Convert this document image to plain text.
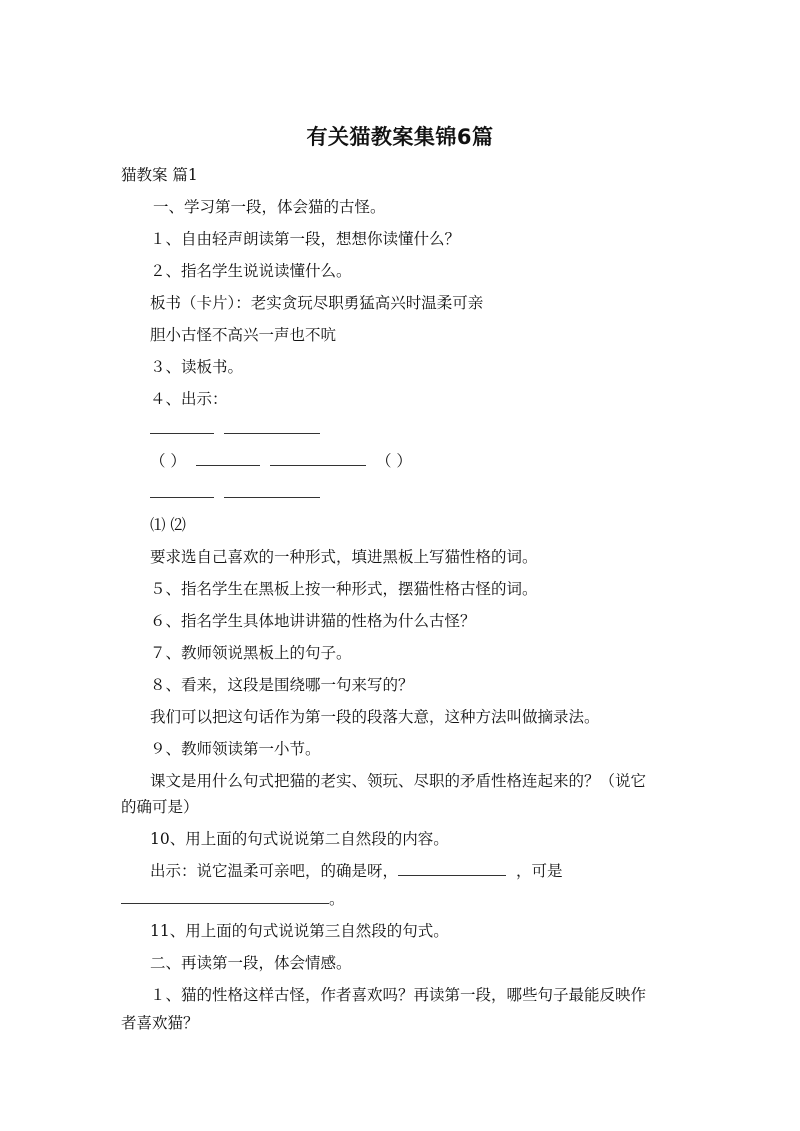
有关猫教案集锦6篇
猫教案 篇1
一、学习第一段，体会猫的古怪。
１、自由轻声朗读第一段，想想你读懂什么？
２、指名学生说说读懂什么。
板书（卡片）：老实贪玩尽职勇猛高兴时温柔可亲
胆小古怪不高兴一声也不吭
３、读板书。
４、出示：
（ ）	（ ）
⑴ ⑵
要求选自己喜欢的一种形式，填进黑板上写猫性格的词。
５、指名学生在黑板上按一种形式，摆猫性格古怪的词。
６、指名学生具体地讲讲猫的性格为什么古怪？
７、教师领说黑板上的句子。
８、看来，这段是围绕哪一句来写的？
我们可以把这句话作为第一段的段落大意，这种方法叫做摘录法。
９、教师领读第一小节。
课文是用什么句式把猫的老实、领玩、尽职的矛盾性格连起来的？（说它
的确可是）
10、用上面的句式说说第二自然段的内容。
出示：说它温柔可亲吧，的确是呀，	，可是
。
11、用上面的句式说说第三自然段的句式。
二、再读第一段，体会情感。
１、猫的性格这样古怪，作者喜欢吗？再读第一段，哪些句子最能反映作
者喜欢猫？
